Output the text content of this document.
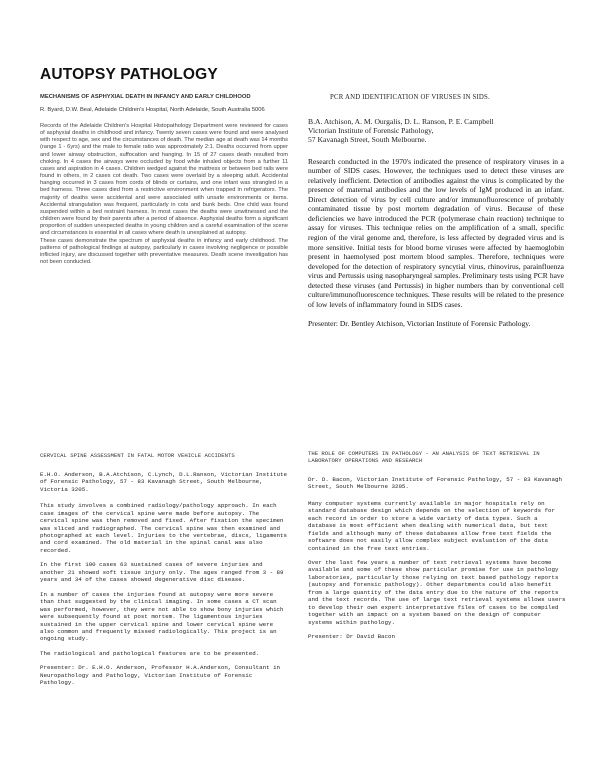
AUTOPSY PATHOLOGY
MECHANISMS OF ASPHYXIAL DEATH IN INFANCY AND EARLY CHILDHOOD
R. Byard, D.W. Beal, Adelaide Children's Hospital, North Adelaide, South Australia 5006

Records of the Adelaide Children's Hospital Histopathology Department were reviewed for cases of asphyxial deaths in childhood and infancy. Twenty seven cases were found and were analysed with respect to age, sex and the circumstances of death. The median age at death was 14 months (range 1 - 6yrs) and the male to female ratio was approximately 2:1. Deaths occurred from upper and lower airway obstruction, suffocation and hanging. In 15 of 27 cases death resulted from choking. In 4 cases the airways were occluded by food while inhaled objects from a further 11 cases and aspiration in 4 cases. Children wedged against the mattress or between bed rails were found in others, in 2 cases cot death. Two cases were overlaid by a sleeping adult. Accidental hanging occurred in 3 cases from cords of blinds or curtains, and one infant was strangled in a bed harness. Three cases died from a restrictive environment when trapped in refrigerators. The majority of deaths were accidental and were associated with unsafe environments or items. Accidental strangulation was frequent, particularly in cots and bunk beds. One child was found suspended within a bed restraint harness. In most cases the deaths were unwitnessed and the children were found by their parents after a period of absence. Asphyxial deaths form a significant proportion of sudden unexpected deaths in young children and a careful examination of the scene and circumstances is essential in all cases where death is unexplained at autopsy.

These cases demonstrate the spectrum of asphyxial deaths in infancy and early childhood. The patterns of pathological findings at autopsy, particularly in cases involving negligence or possible inflicted injury, are discussed together with preventative measures. Death scene investigation has not been conducted.

PCR AND IDENTIFICATION OF VIRUSES IN SIDS.
B.A. Atchison, A. M. Ourgalis, D. L. Ranson, P. E. Campbell
Victorian Institute of Forensic Pathology,
57 Kavanagh Street, South Melbourne.

Research conducted in the 1970's indicated the presence of respiratory viruses in a number of SIDS cases. However, the techniques used to detect these viruses are relatively inefficient. Detection of antibodies against the virus is complicated by the presence of maternal antibodies and the low levels of IgM produced in an infant. Direct detection of virus by cell culture and/or immunofluorescence of probably contaminated tissue by post mortem degradation of virus. Because of these deficiencies we have introduced the PCR (polymerase chain reaction) technique to assay for viruses. This technique relies on the amplification of a small, specific region of the viral genome and, therefore, is less affected by degraded virus and is more sensitive. Initial tests for blood borne viruses were affected by haemoglobin present in haemolysed post mortem blood samples. Therefore, techniques were developed for the detection of respiratory syncytial virus, rhinovirus, parainfluenza virus and Pertussis using nasopharyngeal samples. Preliminary tests using PCR have detected these viruses (and Pertussis) in higher numbers than by conventional cell culture/immunofluorescence techniques. These results will be related to the presence of low levels of inflammatory found in SIDS cases.

Presenter: Dr. Bentley Atchison, Victorian Institute of Forensic Pathology.
CERVICAL SPINE ASSESSMENT IN FATAL MOTOR VEHICLE ACCIDENTS
E.H.O. Anderson, B.A.Atchison, C.Lynch, D.L.Ranson, Victorian Institute of Forensic Pathology, 57 - 83 Kavanagh Street, South Melbourne, Victoria 3205.

This study involves a combined radiology/pathology approach. In each case images of the cervical spine were made before autopsy. The cervical spine was then removed and fixed. After fixation the specimen was sliced and radiographed. The cervical spine was then examined and photographed at each level. Injuries to the vertebrae, discs, ligaments and cord examined. The old material in the spinal canal was also recorded.

In the first 100 cases 63 sustained cases of severe injuries and another 21 showed soft tissue injury only. The ages ranged from 3 - 89 years and 34 of the cases showed degenerative disc disease.

In a number of cases the injuries found at autopsy were more severe than that suggested by the clinical imaging. In some cases a CT scan was performed, however, they were not able to show bony injuries which were subsequently found at post mortem. The ligamentous injuries sustained in the upper cervical spine and lower cervical spine were also common and frequently missed radiologically. This project is an ongoing study.

The radiological and pathological features are to be presented.

Presenter: Dr. E.H.O. Anderson, Professor H.A.Anderson, Consultant in Neuropathology and Pathology, Victorian Institute of Forensic Pathology.
THE ROLE OF COMPUTERS IN PATHOLOGY - AN ANALYSIS OF TEXT RETRIEVAL IN LABORATORY OPERATIONS AND RESEARCH
Dr. D. Bacon, Victorian Institute of Forensic Pathology, 57 - 83 Kavanagh Street, South Melbourne 3205.

Many computer systems currently available in major hospitals rely on standard database design which depends on the selection of keywords for each record in order to store a wide variety of data types. Such a database is most efficient when dealing with numerical data, but text fields and although many of these databases allow free text fields the software does not easily allow complex subject evaluation of the data contained in the free text entries.

Over the last few years a number of text retrieval systems have become available and some of these show particular promise for use in pathology laboratories, particularly those relying on text based pathology reports (autopsy and forensic pathology). Other departments could also benefit from a large quantity of the data entry due to the nature of the reports and the text records. The use of large text retrieval systems allows users to develop their own expert interpretative files of cases to be compiled together with an impact on a system based on the design of computer systems within pathology.

Presenter: Dr David Bacon
